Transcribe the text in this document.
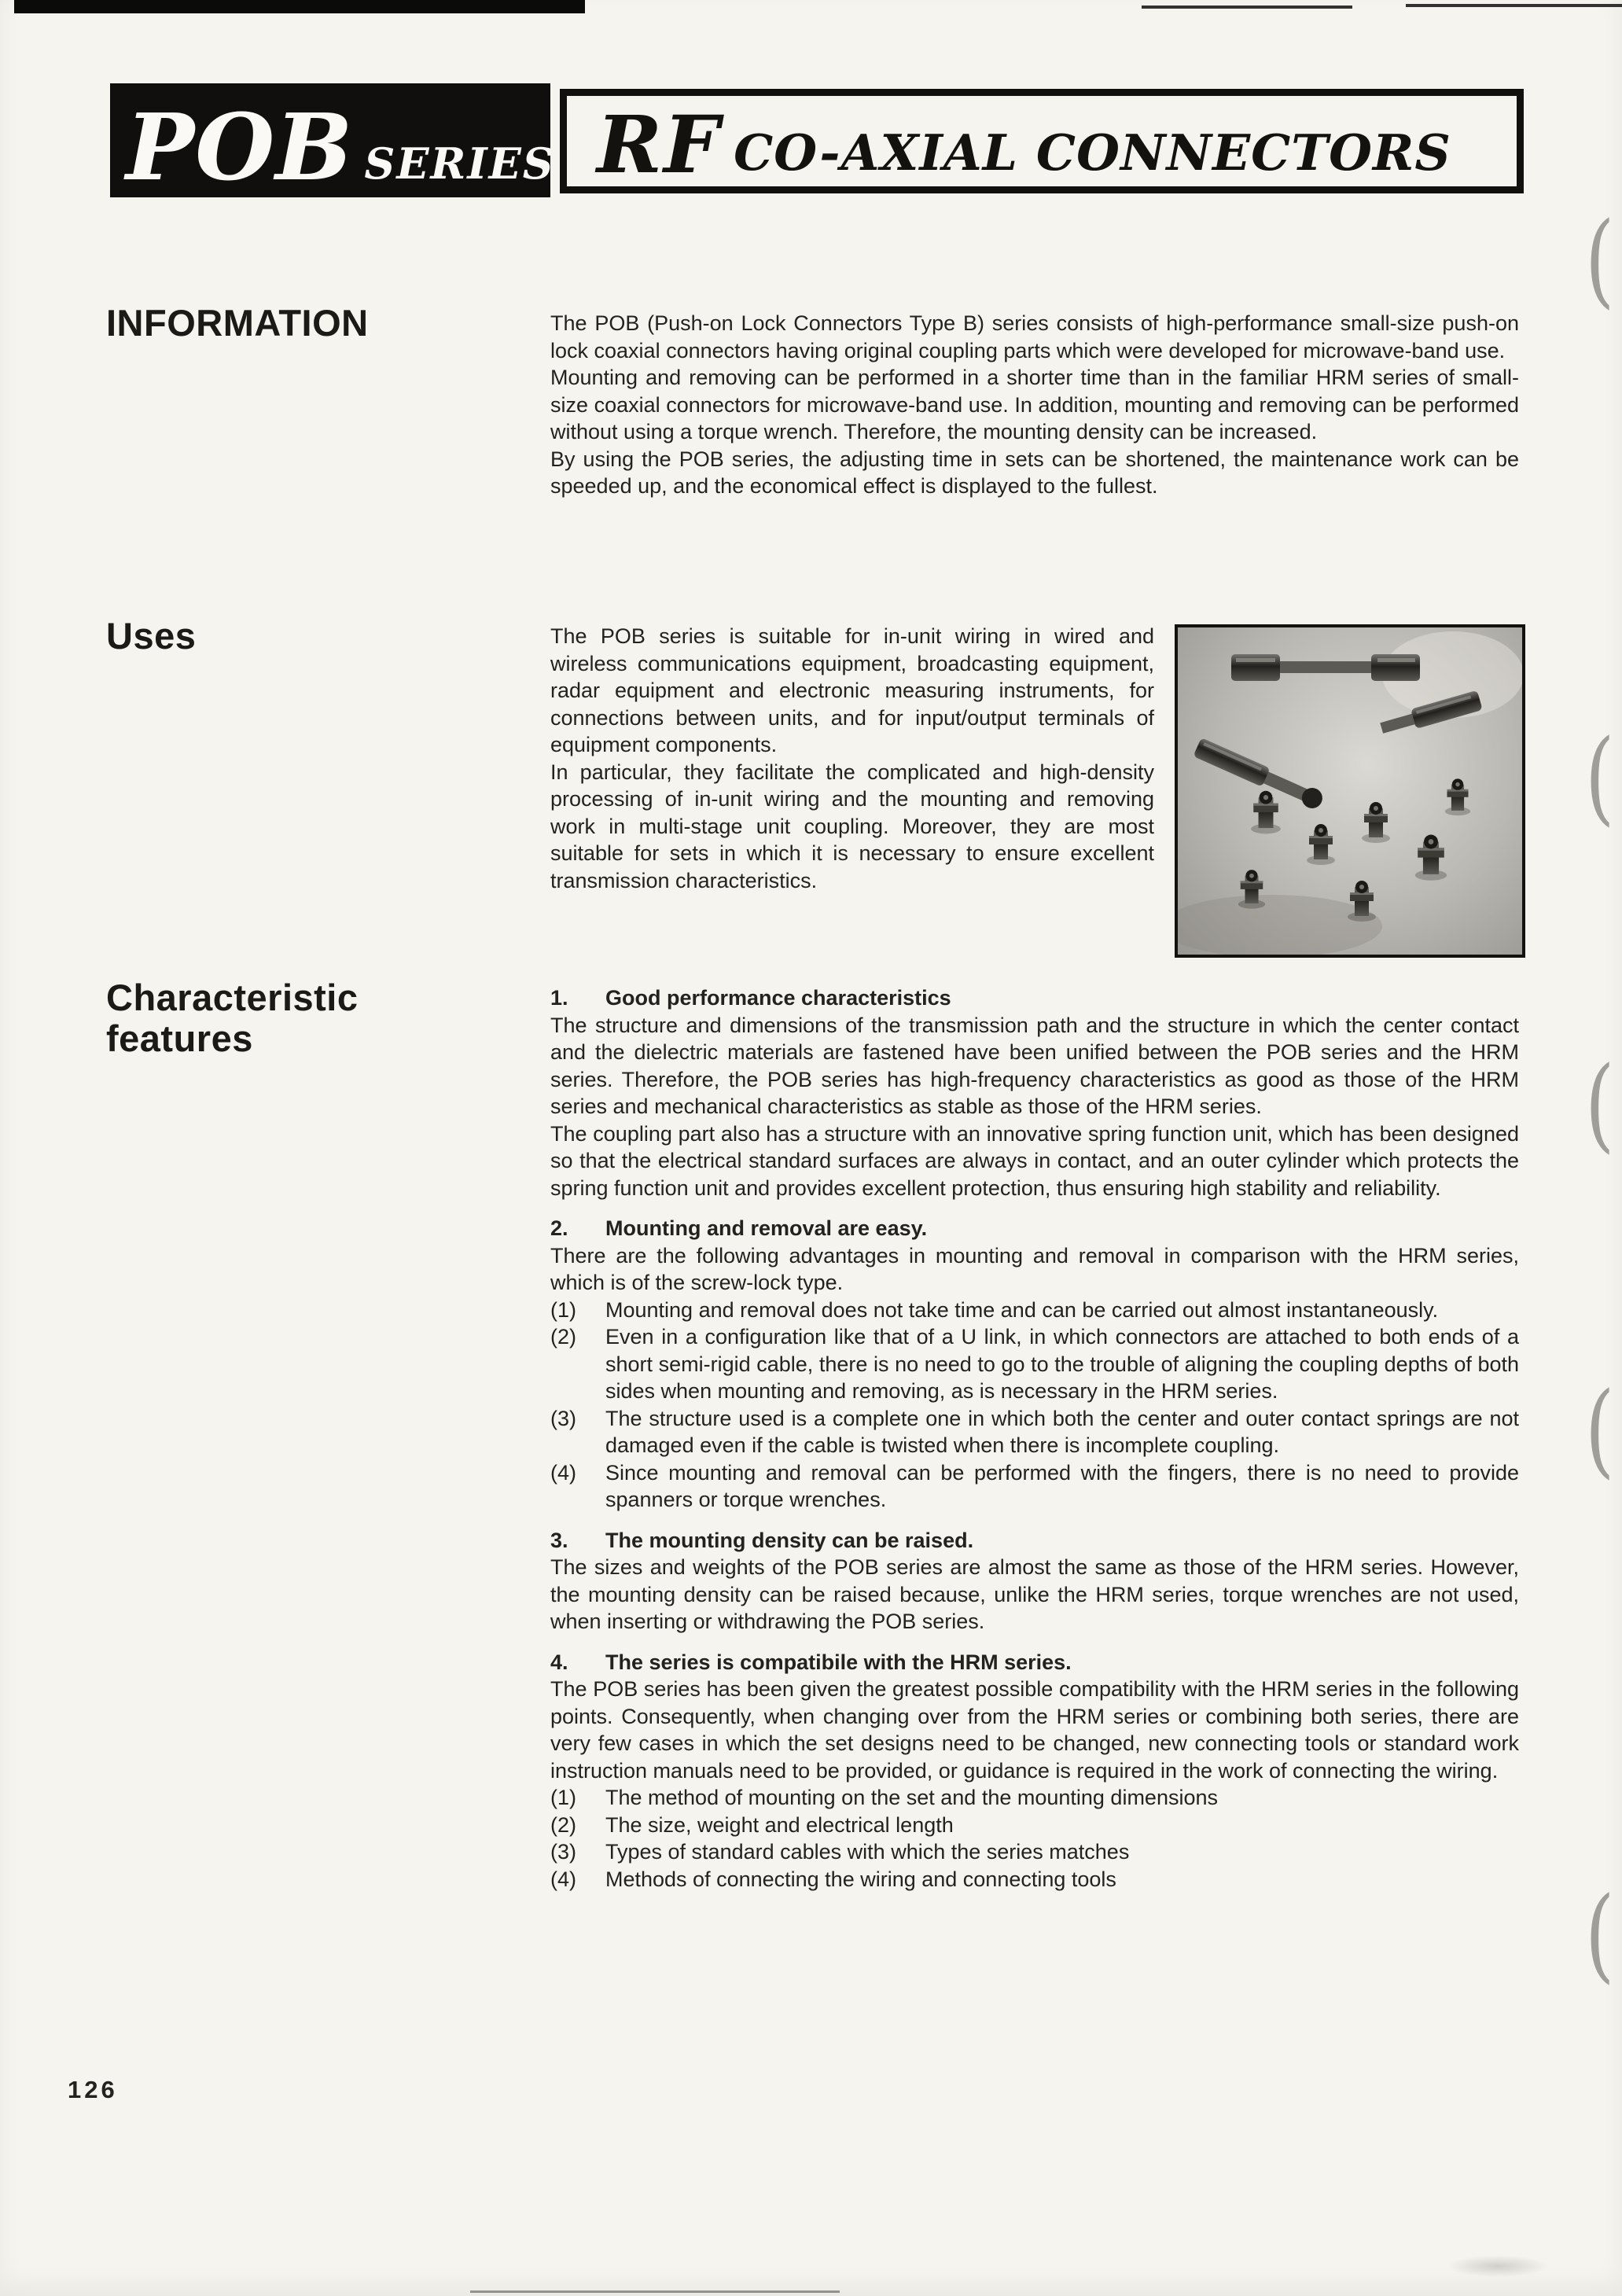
(
(
(
(
(
POB SERIES RF CO-AXIAL CONNECTORS
INFORMATION	The POB (Push-on Lock Connectors Type B) series consists of high-performance small-size push-on lock coaxial connectors having original coupling parts which were developed for microwave-band use.

Mounting and removing can be performed in a shorter time than in the familiar HRM series of small-size coaxial connectors for microwave-band use. In addition, mounting and removing can be performed without using a torque wrench. Therefore, the mounting density can be increased.

By using the POB series, the adjusting time in sets can be shortened, the maintenance work can be speeded up, and the economical effect is displayed to the fullest.

Uses	The POB series is suitable for in-unit wiring in wired and wireless communications equipment, broadcasting equipment, radar equipment and electronic measuring instruments, for connections between units, and for input/output terminals of equipment components.

In particular, they facilitate the complicated and high-density processing of in-unit wiring and the mounting and removing work in multi-stage unit coupling. Moreover, they are most suitable for sets in which it is necessary to ensure excellent transmission characteristics.

Characteristic features

1.	Good performance characteristics

The structure and dimensions of the transmission path and the structure in which the center contact and the dielectric materials are fastened have been unified between the POB series and the HRM series. Therefore, the POB series has high-frequency characteristics as good as those of the HRM series and mechanical characteristics as stable as those of the HRM series.

The coupling part also has a structure with an innovative spring function unit, which has been designed so that the electrical standard surfaces are always in contact, and an outer cylinder which protects the spring function unit and provides excellent protection, thus ensuring high stability and reliability.

2.	Mounting and removal are easy.

There are the following advantages in mounting and removal in comparison with the HRM series, which is of the screw-lock type.

(1)	Mounting and removal does not take time and can be carried out almost instantaneously.

(2)	Even in a configuration like that of a U link, in which connectors are attached to both ends of a short semi-rigid cable, there is no need to go to the trouble of aligning the coupling depths of both sides when mounting and removing, as is necessary in the HRM series.

(3)	The structure used is a complete one in which both the center and outer contact springs are not damaged even if the cable is twisted when there is incomplete coupling.

(4)	Since mounting and removal can be performed with the fingers, there is no need to provide spanners or torque wrenches.

3.	The mounting density can be raised.

The sizes and weights of the POB series are almost the same as those of the HRM series. However, the mounting density can be raised because, unlike the HRM series, torque wrenches are not used, when inserting or withdrawing the POB series.

4.	The series is compatibile with the HRM series.

The POB series has been given the greatest possible compatibility with the HRM series in the following points. Consequently, when changing over from the HRM series or combining both series, there are very few cases in which the set designs need to be changed, new connecting tools or standard work instruction manuals need to be provided, or guidance is required in the work of connecting the wiring.

(1)	The method of mounting on the set and the mounting dimensions

(2)	The size, weight and electrical length

(3)	Types of standard cables with which the series matches

(4)	Methods of connecting the wiring and connecting tools

126
